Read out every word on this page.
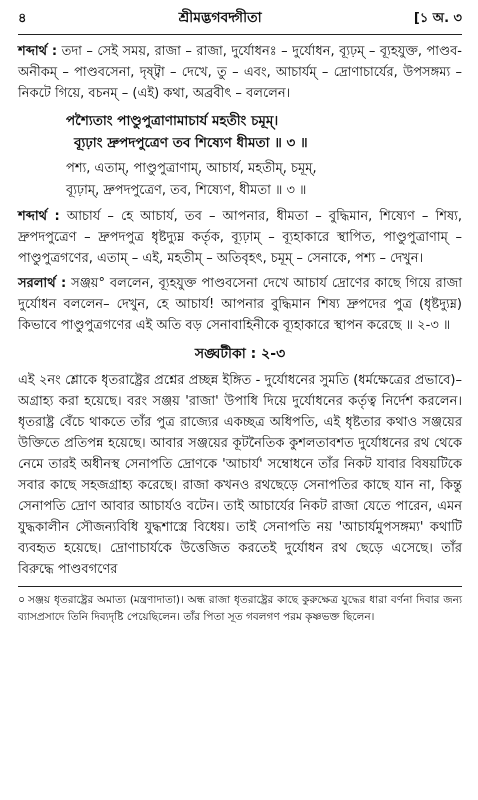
৪	শ্রীমদ্ভগবদ্গীতা	[১ অ. ৩

শব্দার্থ : তদা – সেই সময়, রাজা – রাজা, দুর্যোধনঃ – দুর্যোধন, ব্যূঢ়ম্ – ব্যূহযুক্ত, পাণ্ডব-অনীকম্ – পাণ্ডবসেনা, দৃষ্ট্বা – দেখে, তু – এবং, আচার্যম্ – দ্রোণাচার্যের, উপসঙ্গম্য – নিকটে গিয়ে, বচনম্ – (এই) কথা, অব্রবীৎ – বললেন।

পশ্যৈতাং পাণ্ডুপুত্রাণামাচার্য মহতীং চমূম্।
ব্যূঢ়াং দ্রুপদপুত্রেণ তব শিষ্যেণ ধীমতা ॥ ৩ ॥
পশ্য, এতাম্, পাণ্ডুপুত্রাণাম্, আচার্য, মহতীম্, চমূম্,
ব্যূঢ়াম্, দ্রুপদপুত্রেণ, তব, শিষ্যেণ, ধীমতা ॥ ৩ ॥

শব্দার্থ : আচার্য – হে আচার্য, তব – আপনার, ধীমতা – বুদ্ধিমান, শিষ্যেণ – শিষ্য, দ্রুপদপুত্রেণ – দ্রুপদপুত্র ধৃষ্টদ্যুম্ন কর্তৃক, ব্যূঢ়াম্ – ব্যূহাকারে স্থাপিত, পাণ্ডুপুত্রাণাম্ – পাণ্ডুপুত্রগণের, এতাম্ – এই, মহতীম্ – অতিবৃহৎ, চমূম্ – সেনাকে, পশ্য – দেখুন।

সরলার্থ : সঞ্জয়° বললেন, ব্যূহযুক্ত পাণ্ডবসেনা দেখে আচার্য দ্রোণের কাছে গিয়ে রাজা দুর্যোধন বললেন– দেখুন, হে আচার্য! আপনার বুদ্ধিমান শিষ্য দ্রুপদের পুত্র (ধৃষ্টদ্যুম্ন) কিভাবে পাণ্ডুপুত্রগণের এই অতি বড় সেনাবাহিনীকে ব্যূহাকারে স্থাপন করেছে ॥ ২-৩ ॥

সঙ্ঘটীকা : ২-৩

এই ২নং শ্লোকে ধৃতরাষ্ট্রের প্রশ্নের প্রচ্ছন্ন ইঙ্গিত - দুর্যোধনের সুমতি (ধর্মক্ষেত্রের প্রভাবে)– অগ্রাহ্য করা হয়েছে। বরং সঞ্জয় 'রাজা' উপাধি দিয়ে দুর্যোধনের কর্তৃত্ব নির্দেশ করলেন। ধৃতরাষ্ট্র বেঁচে থাকতে তাঁর পুত্র রাজ্যের একচ্ছত্র অধিপতি, এই ধৃষ্টতার কথাও সঞ্জয়ের উক্তিতে প্রতিপন্ন হয়েছে। আবার সঞ্জয়ের কূটনৈতিক কুশলতাবশত দুর্যোধনের রথ থেকে নেমে তারই অধীনস্থ সেনাপতি দ্রোণকে 'আচার্য' সম্বোধনে তাঁর নিকট যাবার বিষয়টিকে সবার কাছে সহজগ্রাহ্য করেছে। রাজা কখনও রথছেড়ে সেনাপতির কাছে যান না, কিন্তু সেনাপতি দ্রোণ আবার আচার্যও বটেন। তাই আচার্যের নিকট রাজা যেতে পারেন, এমন যুদ্ধকালীন সৌজন্যবিধি যুদ্ধশাস্ত্রে বিধেয়। তাই সেনাপতি নয় 'আচার্যমুপসঙ্গম্য' কথাটি ব্যবহৃত হয়েছে। দ্রোণাচার্যকে উত্তেজিত করতেই দুর্যোধন রথ ছেড়ে এসেছে। তাঁর বিরুদ্ধে পাণ্ডবগণের

০ সঞ্জয় ধৃতরাষ্ট্রের অমাত্য (মন্ত্রণাদাতা)। অন্ধ রাজা ধৃতরাষ্ট্রের কাছে কুরুক্ষেত্র যুদ্ধের ধারা বর্ণনা দিবার জন্য ব্যাসপ্রসাদে তিনি দিব্যদৃষ্টি পেয়েছিলেন। তাঁর পিতা সূত গবলগণ পরম কৃষ্ণভক্ত ছিলেন।
